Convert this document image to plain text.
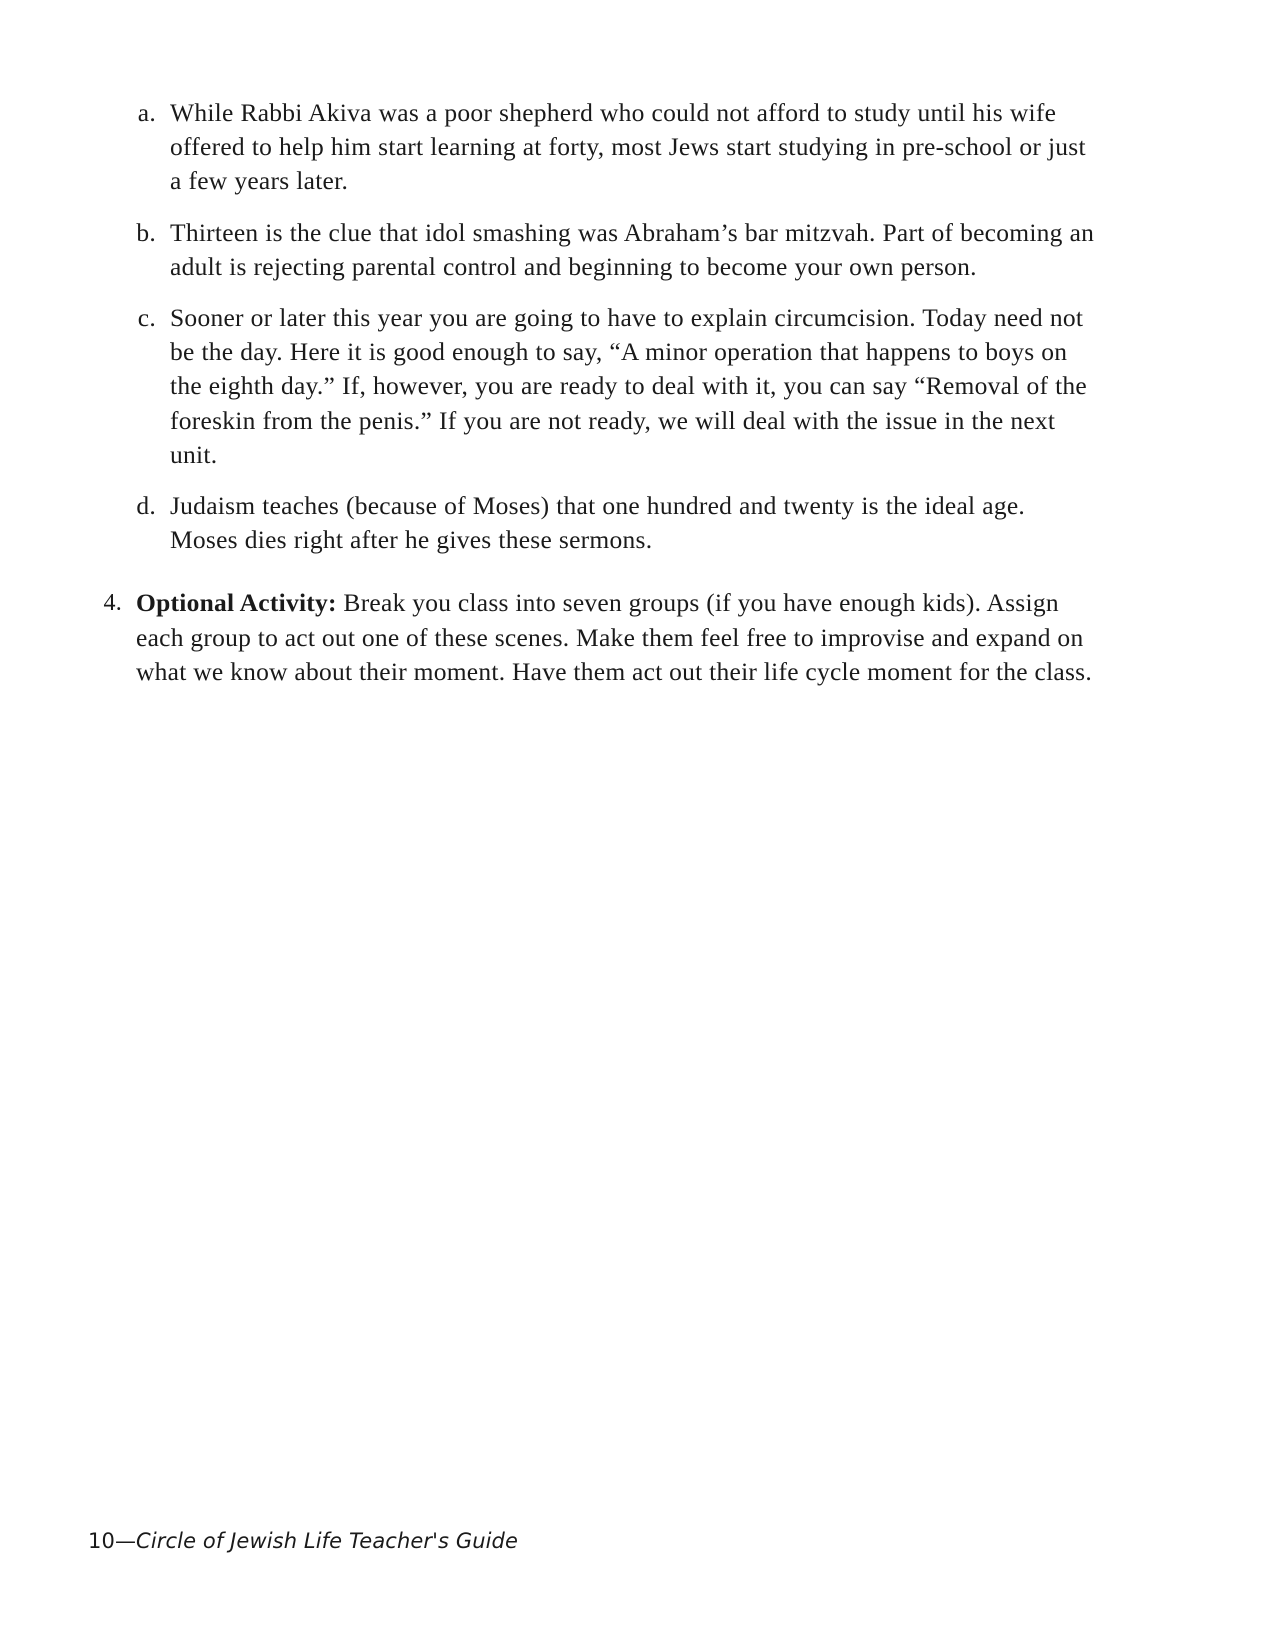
a. While Rabbi Akiva was a poor shepherd who could not afford to study until his wife offered to help him start learning at forty, most Jews start studying in pre-school or just a few years later.
b. Thirteen is the clue that idol smashing was Abraham’s bar mitzvah. Part of becoming an adult is rejecting parental control and beginning to become your own person.
c. Sooner or later this year you are going to have to explain circumcision. Today need not be the day. Here it is good enough to say, “A minor operation that happens to boys on the eighth day.” If, however, you are ready to deal with it, you can say “Removal of the foreskin from the penis.” If you are not ready, we will deal with the issue in the next unit.
d. Judaism teaches (because of Moses) that one hundred and twenty is the ideal age. Moses dies right after he gives these sermons.
4. Optional Activity: Break you class into seven groups (if you have enough kids). Assign each group to act out one of these scenes. Make them feel free to improvise and expand on what we know about their moment. Have them act out their life cycle moment for the class.
10—Circle of Jewish Life Teacher's Guide
